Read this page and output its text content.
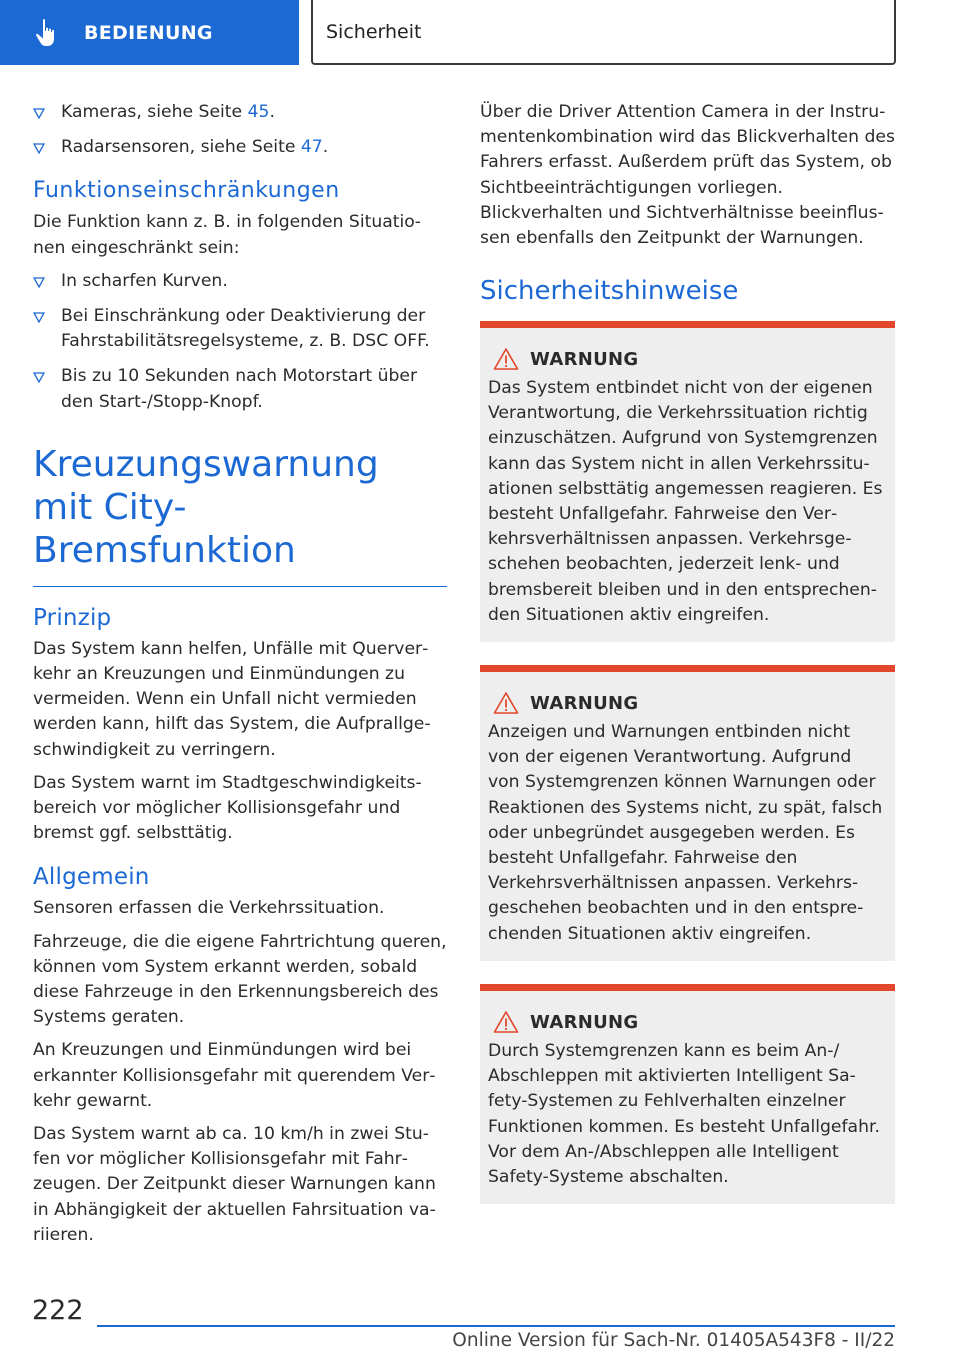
BEDIENUNG	Sicherheit
Kameras, siehe Seite 45.
Radarsensoren, siehe Seite 47.
Funktionseinschränkungen
Die Funktion kann z. B. in folgenden Situationen eingeschränkt sein:
In scharfen Kurven.
Bei Einschränkung oder Deaktivierung der Fahrstabilitätsregelsysteme, z. B. DSC OFF.
Bis zu 10 Sekunden nach Motorstart über den Start-/Stopp-Knopf.
Kreuzungswarnung mit City-Bremsfunktion
Prinzip
Das System kann helfen, Unfälle mit Querverkehr an Kreuzungen und Einmündungen zu vermeiden. Wenn ein Unfall nicht vermieden werden kann, hilft das System, die Aufprallgeschwindigkeit zu verringern.
Das System warnt im Stadtgeschwindigkeitsbereich vor möglicher Kollisionsgefahr und bremst ggf. selbsttätig.
Allgemein
Sensoren erfassen die Verkehrssituation.
Fahrzeuge, die die eigene Fahrtrichtung queren, können vom System erkannt werden, sobald diese Fahrzeuge in den Erkennungsbereich des Systems geraten.
An Kreuzungen und Einmündungen wird bei erkannter Kollisionsgefahr mit querendem Verkehr gewarnt.
Das System warnt ab ca. 10 km/h in zwei Stufen vor möglicher Kollisionsgefahr mit Fahrzeugen. Der Zeitpunkt dieser Warnungen kann in Abhängigkeit der aktuellen Fahrsituation variieren.
Über die Driver Attention Camera in der Instrumentenkombination wird das Blickverhalten des Fahrers erfasst. Außerdem prüft das System, ob Sichtbeeinträchtigungen vorliegen. Blickverhalten und Sichtverhältnisse beeinflussen ebenfalls den Zeitpunkt der Warnungen.
Sicherheitshinweise
WARNUNG
Das System entbindet nicht von der eigenen Verantwortung, die Verkehrssituation richtig einzuschätzen. Aufgrund von Systemgrenzen kann das System nicht in allen Verkehrssituationen selbsttätig angemessen reagieren. Es besteht Unfallgefahr. Fahrweise den Verkehrsverhältnissen anpassen. Verkehrsgeschehen beobachten, jederzeit lenk- und bremsbereit bleiben und in den entsprechenden Situationen aktiv eingreifen.
WARNUNG
Anzeigen und Warnungen entbinden nicht von der eigenen Verantwortung. Aufgrund von Systemgrenzen können Warnungen oder Reaktionen des Systems nicht, zu spät, falsch oder unbegründet ausgegeben werden. Es besteht Unfallgefahr. Fahrweise den Verkehrsverhältnissen anpassen. Verkehrsgeschehen beobachten und in den entsprechenden Situationen aktiv eingreifen.
WARNUNG
Durch Systemgrenzen kann es beim An-/ Abschleppen mit aktivierten Intelligent Safety-Systemen zu Fehlverhalten einzelner Funktionen kommen. Es besteht Unfallgefahr. Vor dem An-/Abschleppen alle Intelligent Safety-Systeme abschalten.
222
Online Version für Sach-Nr. 01405A543F8 - II/22
